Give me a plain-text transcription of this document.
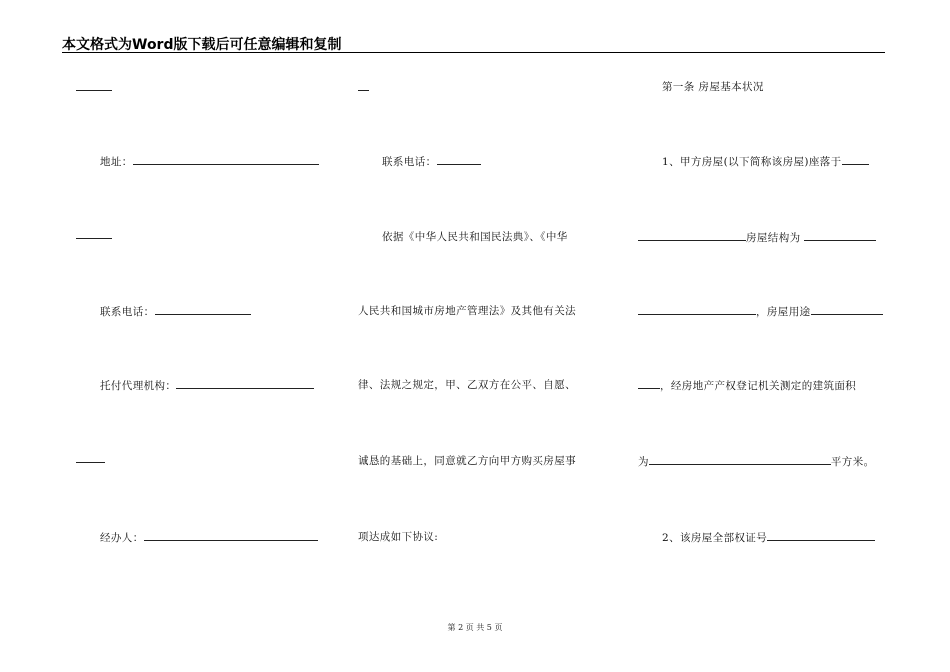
本文格式为Word版下载后可任意编辑和复制
地址：
联系电话：
托付代理机构：
经办人：
联系电话：
依据《中华人民共和国民法典》、《中华
人民共和国城市房地产管理法》及其他有关法
律、法规之规定，甲、乙双方在公平、自愿、
诚恳的基础上，同意就乙方向甲方购买房屋事
项达成如下协议:
第一条 房屋基本状况
1、甲方房屋(以下简称该房屋)座落于
房屋结构为
，房屋用途
，经房地产产权登记机关测定的建筑面积
为	平方米。
2、该房屋全部权证号
第 2 页 共 5 页
